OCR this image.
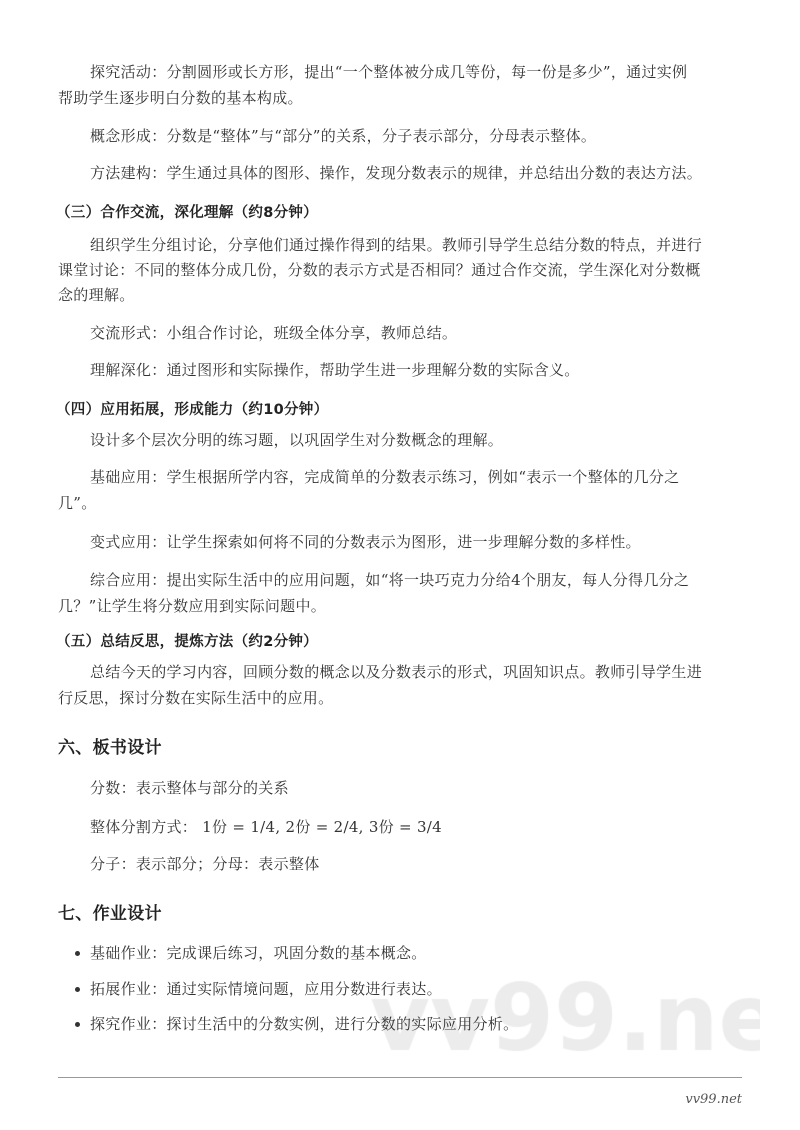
探究活动：分割圆形或长方形，提出“一个整体被分成几等份，每一份是多少”，通过实例
帮助学生逐步明白分数的基本构成。
概念形成：分数是“整体”与“部分”的关系，分子表示部分，分母表示整体。
方法建构：学生通过具体的图形、操作，发现分数表示的规律，并总结出分数的表达方法。
（三）合作交流，深化理解（约8分钟）
组织学生分组讨论，分享他们通过操作得到的结果。教师引导学生总结分数的特点，并进行
课堂讨论：不同的整体分成几份，分数的表示方式是否相同？通过合作交流，学生深化对分数概
念的理解。
交流形式：小组合作讨论，班级全体分享，教师总结。
理解深化：通过图形和实际操作，帮助学生进一步理解分数的实际含义。
（四）应用拓展，形成能力（约10分钟）
设计多个层次分明的练习题，以巩固学生对分数概念的理解。
基础应用：学生根据所学内容，完成简单的分数表示练习，例如“表示一个整体的几分之
几”。
变式应用：让学生探索如何将不同的分数表示为图形，进一步理解分数的多样性。
综合应用：提出实际生活中的应用问题，如“将一块巧克力分给4个朋友，每人分得几分之
几？”让学生将分数应用到实际问题中。
（五）总结反思，提炼方法（约2分钟）
总结今天的学习内容，回顾分数的概念以及分数表示的形式，巩固知识点。教师引导学生进
行反思，探讨分数在实际生活中的应用。
六、板书设计
分数：表示整体与部分的关系
整体分割方式： 1份 = 1/4, 2份 = 2/4, 3份 = 3/4
分子：表示部分；分母：表示整体
七、作业设计
基础作业：完成课后练习，巩固分数的基本概念。
拓展作业：通过实际情境问题，应用分数进行表达。
探究作业：探讨生活中的分数实例，进行分数的实际应用分析。
vv99.net
